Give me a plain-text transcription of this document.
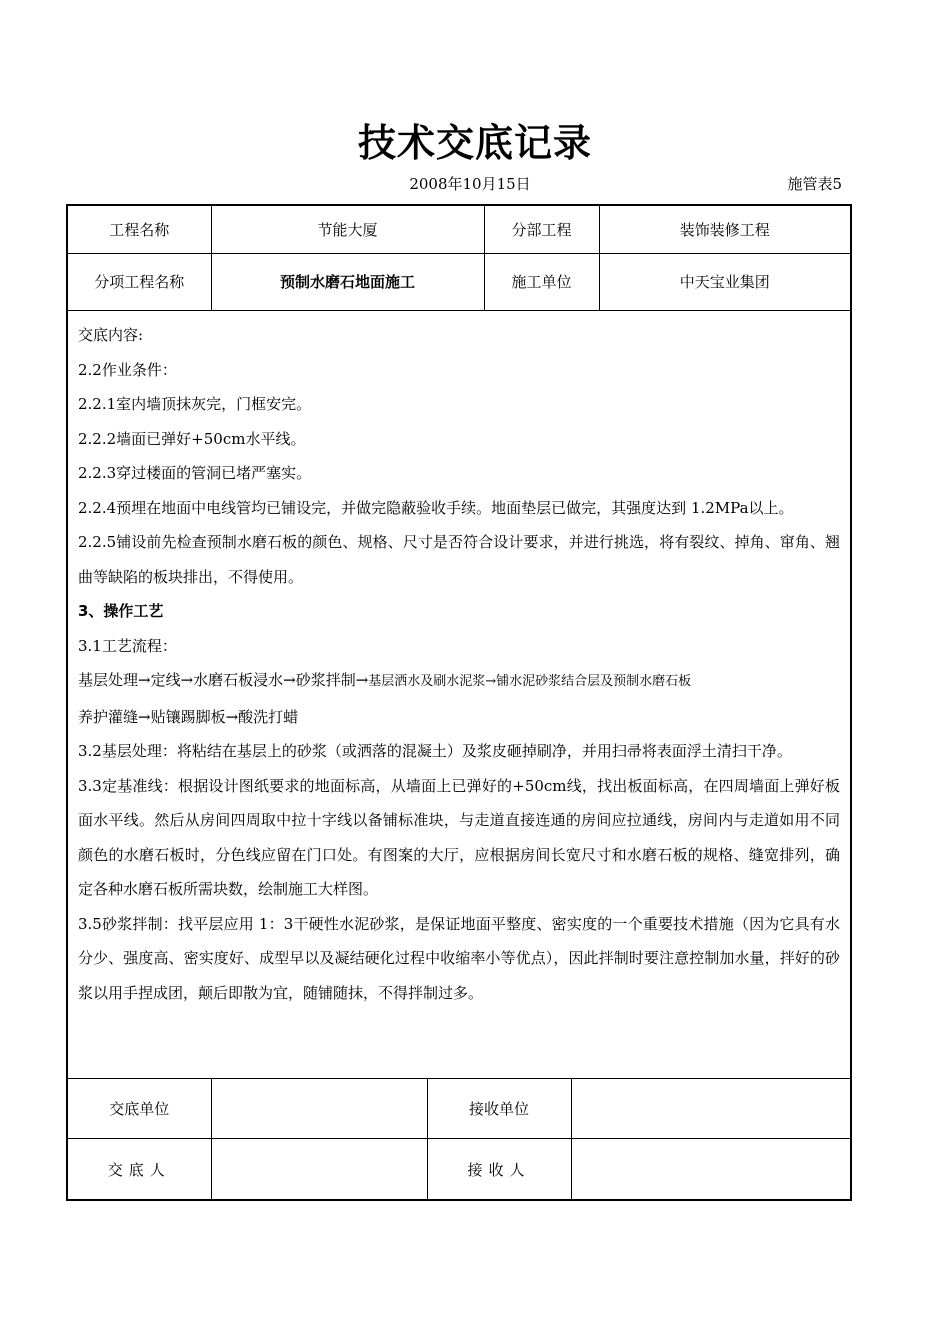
技术交底记录
2008年10月15日	施管表5
工程名称	节能大厦	分部工程	装饰装修工程
分项工程名称	预制水磨石地面施工	施工单位	中天宝业集团

交底内容:

2.2作业条件：

2.2.1室内墙顶抹灰完，门框安完。

2.2.2墙面已弹好+50cm水平线。

2.2.3穿过楼面的管洞已堵严塞实。

2.2.4预埋在地面中电线管均已铺设完，并做完隐蔽验收手续。地面垫层已做完，其强度达到 1.2MPa以上。

2.2.5铺设前先检查预制水磨石板的颜色、规格、尺寸是否符合设计要求，并进行挑选，将有裂纹、掉角、窜角、翘曲等缺陷的板块排出，不得使用。

3、操作工艺

3.1工艺流程：

基层处理→定线→水磨石板浸水→砂浆拌制→基层洒水及刷水泥浆→铺水泥砂浆结合层及预制水磨石板

养护灌缝→贴镶踢脚板→酸洗打蜡

3.2基层处理：将粘结在基层上的砂浆（或洒落的混凝土）及浆皮砸掉刷净，并用扫帚将表面浮土清扫干净。

3.3定基准线：根据设计图纸要求的地面标高，从墙面上已弹好的+50cm线，找出板面标高，在四周墙面上弹好板面水平线。然后从房间四周取中拉十字线以备铺标准块，与走道直接连通的房间应拉通线，房间内与走道如用不同颜色的水磨石板时，分色线应留在门口处。有图案的大厅，应根据房间长宽尺寸和水磨石板的规格、缝宽排列，确定各种水磨石板所需块数，绘制施工大样图。

3.5砂浆拌制：找平层应用 1：3干硬性水泥砂浆，是保证地面平整度、密实度的一个重要技术措施（因为它具有水分少、强度高、密实度好、成型早以及凝结硬化过程中收缩率小等优点），因此拌制时要注意控制加水量，拌好的砂浆以用手捏成团，颠后即散为宜，随铺随抹，不得拌制过多。

交底单位		接收单位	
交底人		接收人	
